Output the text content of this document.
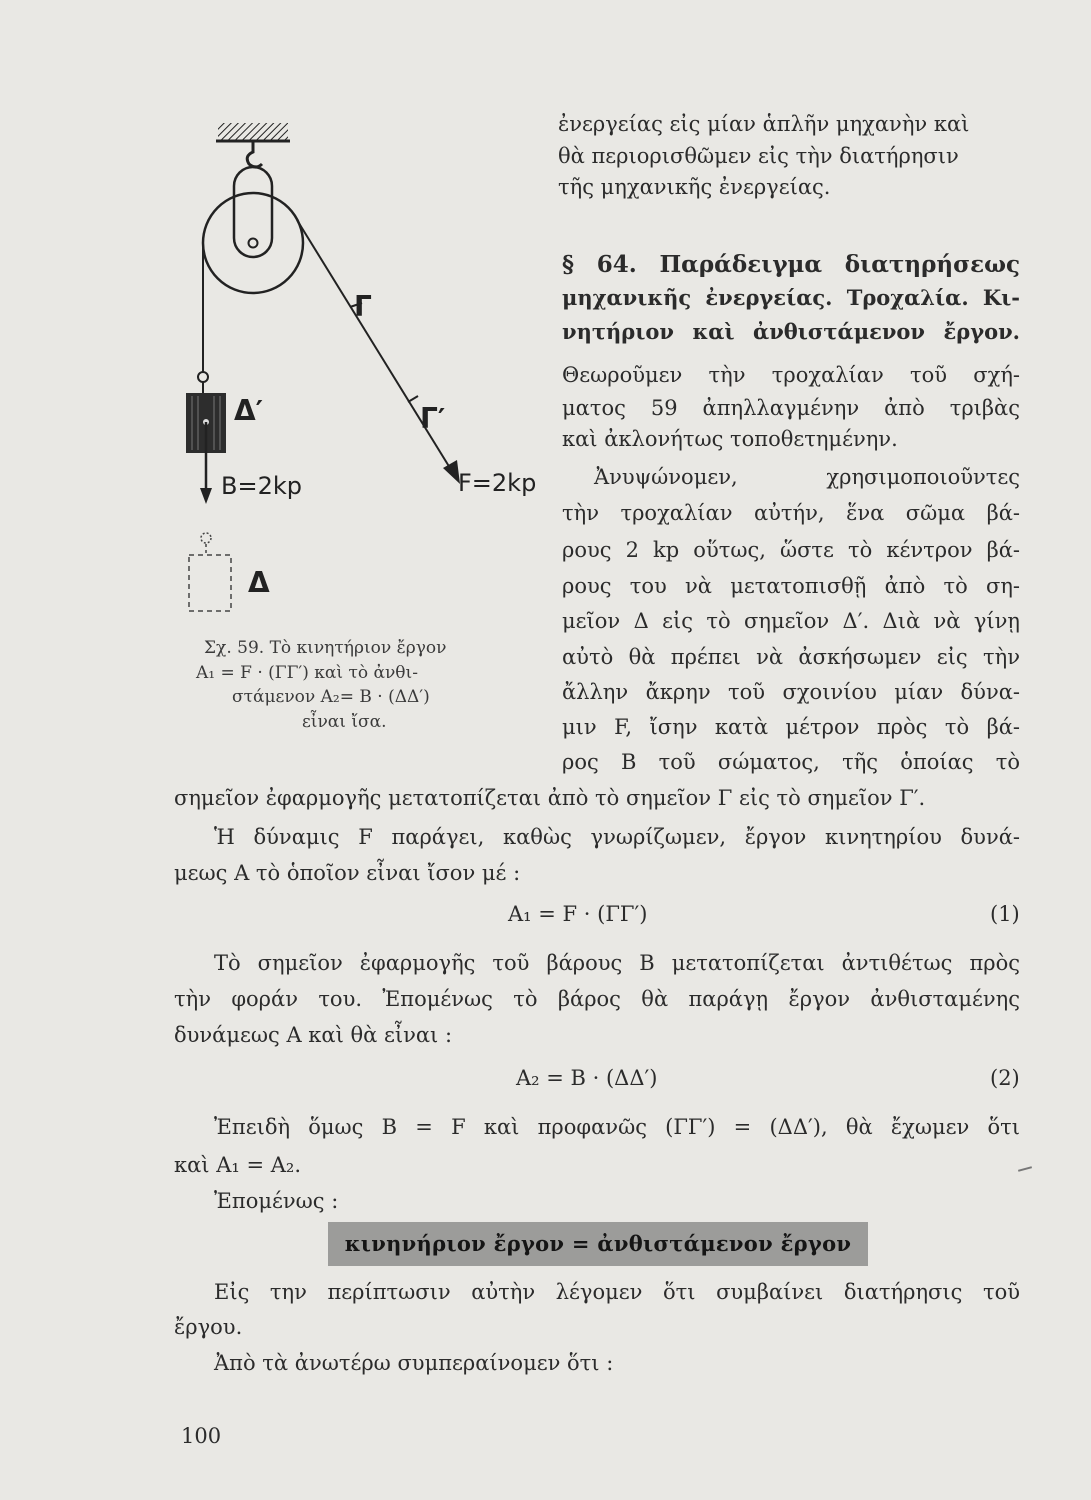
Γ
Γ′
Δ′
B=2kp	F=2kp
Δ
Σχ. 59. Τὸ κινητήριον ἔργον
A₁ = F · (ΓΓ′) καὶ τὸ ἀνθι-
στάμενον A₂= B · (ΔΔ′)
εἶναι ἴσα.

ἐνεργείας εἰς μίαν ἁπλῆν μηχανὴν καὶ

θὰ περιορισθῶμεν εἰς τὴν διατήρησιν

τῆς μηχανικῆς ἐνεργείας.

§ 64. Παράδειγμα διατηρήσεως

μηχανικῆς ἐνεργείας. Τροχαλία. Κι-

νητήριον καὶ ἀνθιστάμενον ἔργον.

Θεωροῦμεν τὴν τροχαλίαν τοῦ σχή-

ματος 59 ἀπηλλαγμένην ἀπὸ τριβὰς

καὶ ἀκλονήτως τοποθετημένην.

Ἀνυψώνομεν, χρησιμοποιοῦντες

τὴν τροχαλίαν αὐτήν, ἕνα σῶμα βά-

ρους 2 kp οὕτως, ὥστε τὸ κέντρον βά-

ρους του νὰ μετατοπισθῇ ἀπὸ τὸ ση-

μεῖον Δ εἰς τὸ σημεῖον Δ′. Διὰ νὰ γίνῃ

αὐτὸ θὰ πρέπει νὰ ἀσκήσωμεν εἰς τὴν

ἄλλην ἄκρην τοῦ σχοινίου μίαν δύνα-

μιν F, ἴσην κατὰ μέτρον πρὸς τὸ βά-

ρος B τοῦ σώματος, τῆς ὁποίας τὸ

σημεῖον ἐφαρμογῆς μετατοπίζεται ἀπὸ τὸ σημεῖον Γ εἰς τὸ σημεῖον Γ′.

Ἡ δύναμις F παράγει, καθὼς γνωρίζωμεν, ἔργον κινητηρίου δυνά-

μεως A τὸ ὁποῖον εἶναι ἴσον μέ :

A₁ = F · (ΓΓ′)	(1)

Τὸ σημεῖον ἐφαρμογῆς τοῦ βάρους B μετατοπίζεται ἀντιθέτως πρὸς

τὴν φοράν του. Ἐπομένως τὸ βάρος θὰ παράγῃ ἔργον ἀνθισταμένης

δυνάμεως A καὶ θὰ εἶναι :

A₂ = B · (ΔΔ′)	(2)

Ἐπειδὴ ὅμως B = F καὶ προφανῶς (ΓΓ′) = (ΔΔ′), θὰ ἔχωμεν ὅτι

καὶ A₁ = A₂.

Ἐπομένως :

κινηνήριον ἔργον = ἀνθιστάμενον ἔργον

Εἰς την περίπτωσιν αὐτὴν λέγομεν ὅτι συμβαίνει διατήρησις τοῦ

ἔργου.

Ἀπὸ τὰ ἀνωτέρω συμπεραίνομεν ὅτι :

100
